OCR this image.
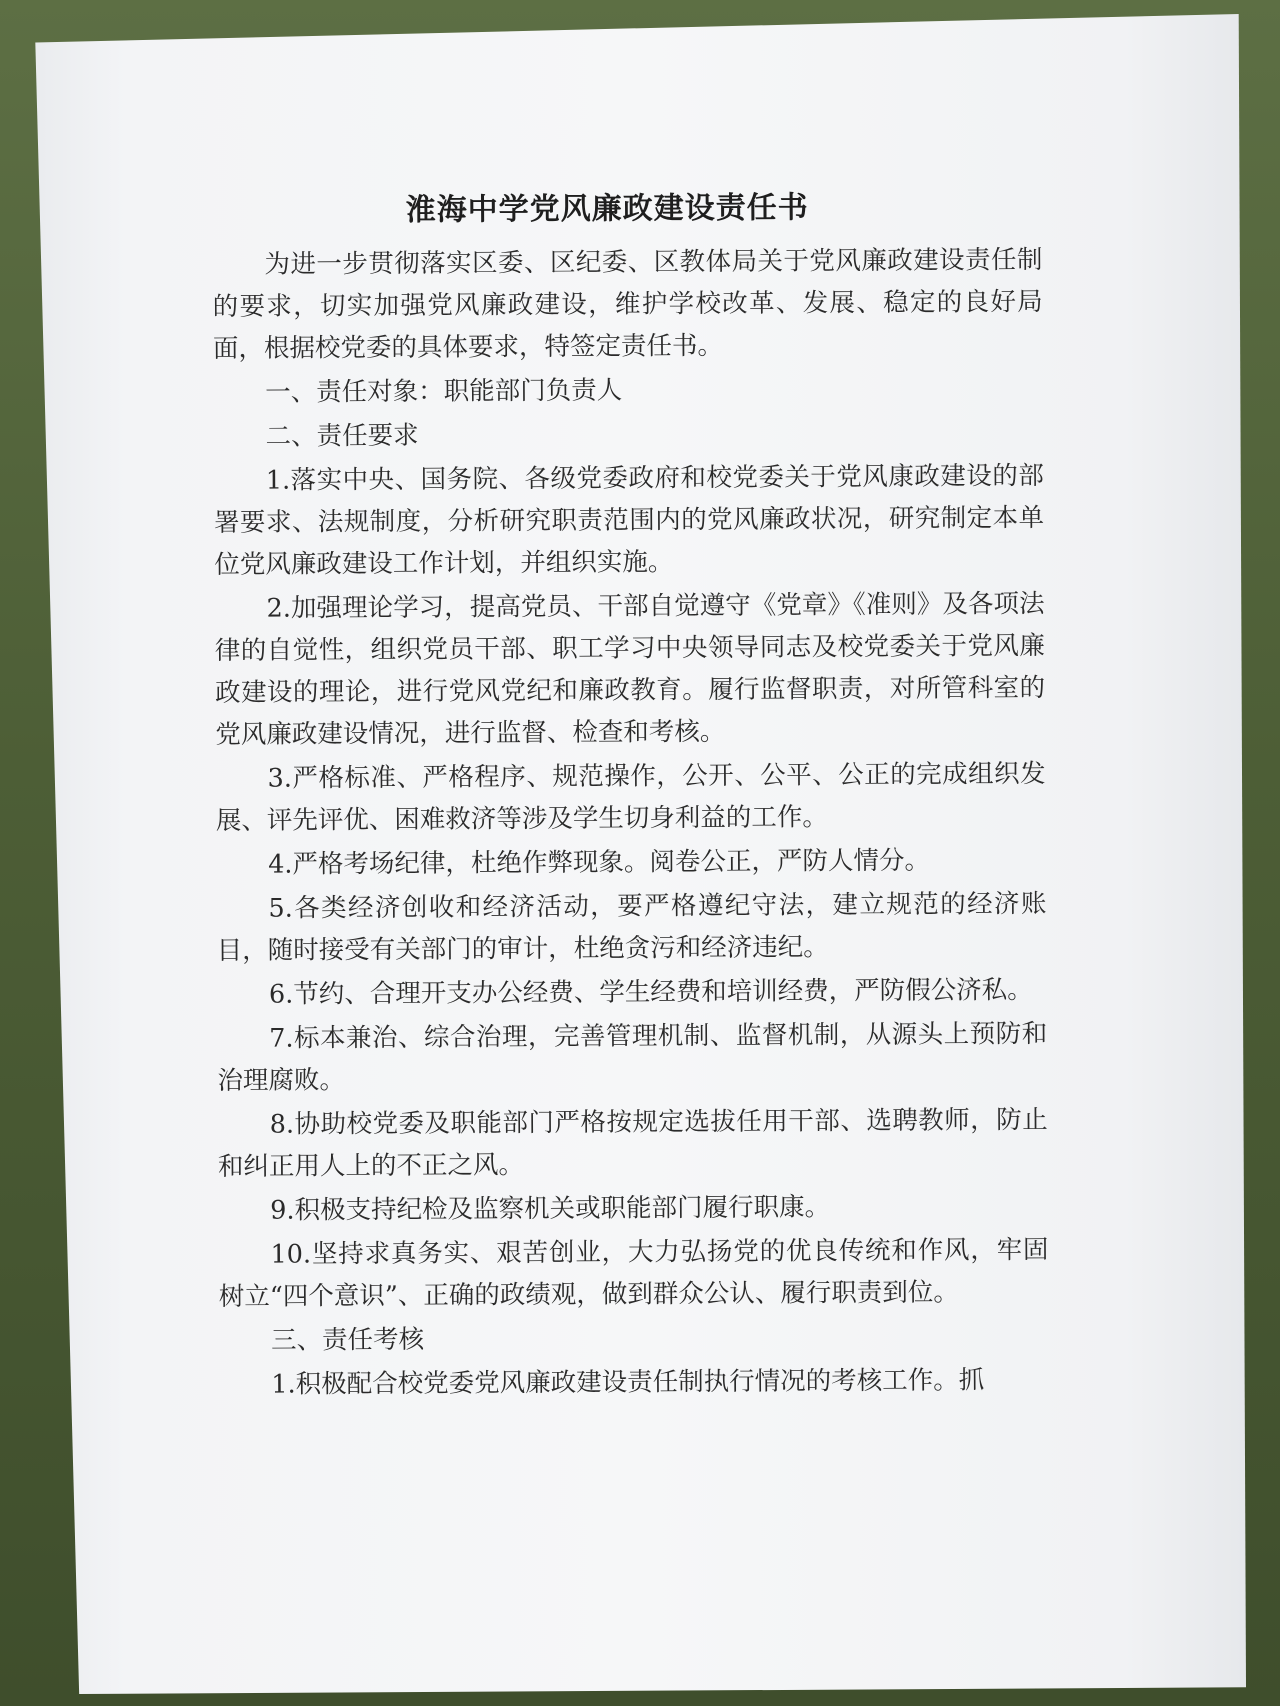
淮海中学党风廉政建设责任书

为进一步贯彻落实区委、区纪委、区教体局关于党风廉政建设责任制的要求，切实加强党风廉政建设，维护学校改革、发展、稳定的良好局面，根据校党委的具体要求，特签定责任书。

一、责任对象：职能部门负责人

二、责任要求

1.落实中央、国务院、各级党委政府和校党委关于党风康政建设的部署要求、法规制度，分析研究职责范围内的党风廉政状况，研究制定本单位党风廉政建设工作计划，并组织实施。

2.加强理论学习，提高党员、干部自觉遵守《党章》《准则》及各项法律的自觉性，组织党员干部、职工学习中央领导同志及校党委关于党风廉政建设的理论，进行党风党纪和廉政教育。履行监督职责，对所管科室的党风廉政建设情况，进行监督、检查和考核。

3.严格标准、严格程序、规范操作，公开、公平、公正的完成组织发展、评先评优、困难救济等涉及学生切身利益的工作。

4.严格考场纪律，杜绝作弊现象。阅卷公正，严防人情分。

5.各类经济创收和经济活动，要严格遵纪守法，建立规范的经济账目，随时接受有关部门的审计，杜绝贪污和经济违纪。

6.节约、合理开支办公经费、学生经费和培训经费，严防假公济私。

7.标本兼治、综合治理，完善管理机制、监督机制，从源头上预防和治理腐败。

8.协助校党委及职能部门严格按规定选拔任用干部、选聘教师，防止和纠正用人上的不正之风。

9.积极支持纪检及监察机关或职能部门履行职康。

10.坚持求真务实、艰苦创业，大力弘扬党的优良传统和作风，牢固树立“四个意识”、正确的政绩观，做到群众公认、履行职责到位。

三、责任考核

1.积极配合校党委党风廉政建设责任制执行情况的考核工作。抓
